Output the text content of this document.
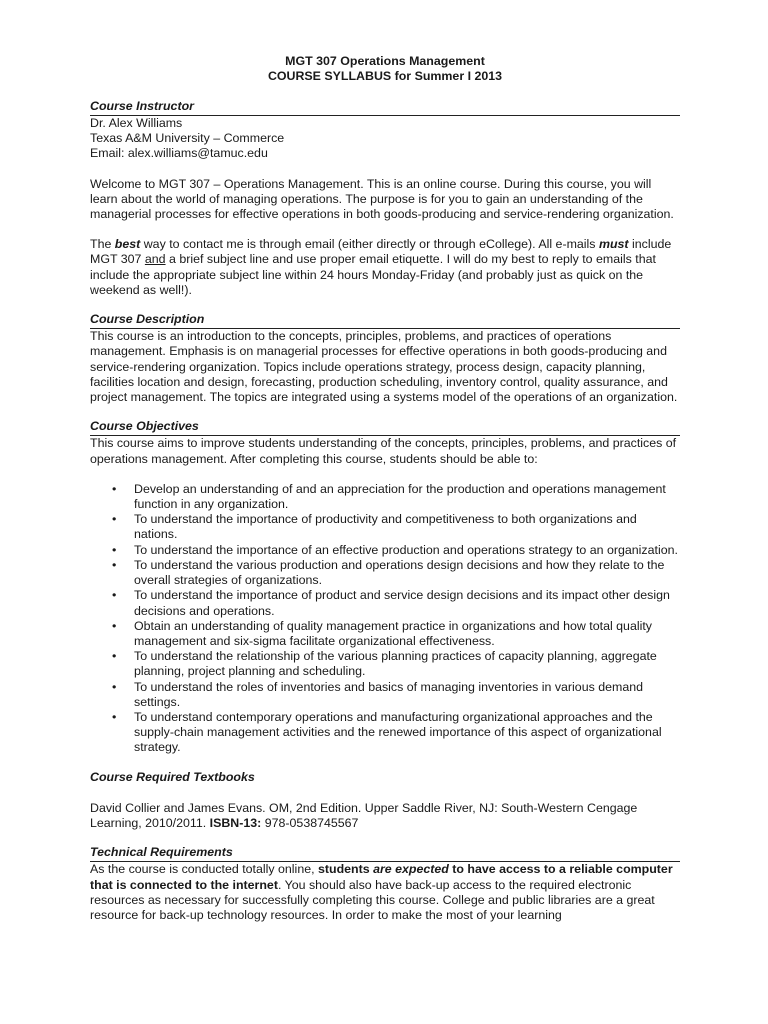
MGT 307 Operations Management
COURSE SYLLABUS for Summer I 2013
Course Instructor
Dr. Alex Williams
Texas A&M University – Commerce
Email: alex.williams@tamuc.edu

Welcome to MGT 307 – Operations Management. This is an online course. During this course, you will learn about the world of managing operations. The purpose is for you to gain an understanding of the managerial processes for effective operations in both goods-producing and service-rendering organization.

The best way to contact me is through email (either directly or through eCollege). All e-mails must include MGT 307 and a brief subject line and use proper email etiquette. I will do my best to reply to emails that include the appropriate subject line within 24 hours Monday-Friday (and probably just as quick on the weekend as well!).

Course Description

This course is an introduction to the concepts, principles, problems, and practices of operations management. Emphasis is on managerial processes for effective operations in both goods-producing and service-rendering organization. Topics include operations strategy, process design, capacity planning, facilities location and design, forecasting, production scheduling, inventory control, quality assurance, and project management. The topics are integrated using a systems model of the operations of an organization.

Course Objectives

This course aims to improve students understanding of the concepts, principles, problems, and practices of operations management. After completing this course, students should be able to:

• Develop an understanding of and an appreciation for the production and operations management function in any organization.
• To understand the importance of productivity and competitiveness to both organizations and nations.
• To understand the importance of an effective production and operations strategy to an organization.
• To understand the various production and operations design decisions and how they relate to the overall strategies of organizations.
• To understand the importance of product and service design decisions and its impact other design decisions and operations.
• Obtain an understanding of quality management practice in organizations and how total quality management and six-sigma facilitate organizational effectiveness.
• To understand the relationship of the various planning practices of capacity planning, aggregate planning, project planning and scheduling.
• To understand the roles of inventories and basics of managing inventories in various demand settings.
• To understand contemporary operations and manufacturing organizational approaches and the supply-chain management activities and the renewed importance of this aspect of organizational strategy.
Course Required Textbooks

David Collier and James Evans. OM, 2nd Edition. Upper Saddle River, NJ: South-Western Cengage Learning, 2010/2011. ISBN-13: 978-0538745567

Technical Requirements

As the course is conducted totally online, students are expected to have access to a reliable computer that is connected to the internet. You should also have back-up access to the required electronic resources as necessary for successfully completing this course. College and public libraries are a great resource for back-up technology resources. In order to make the most of your learning
